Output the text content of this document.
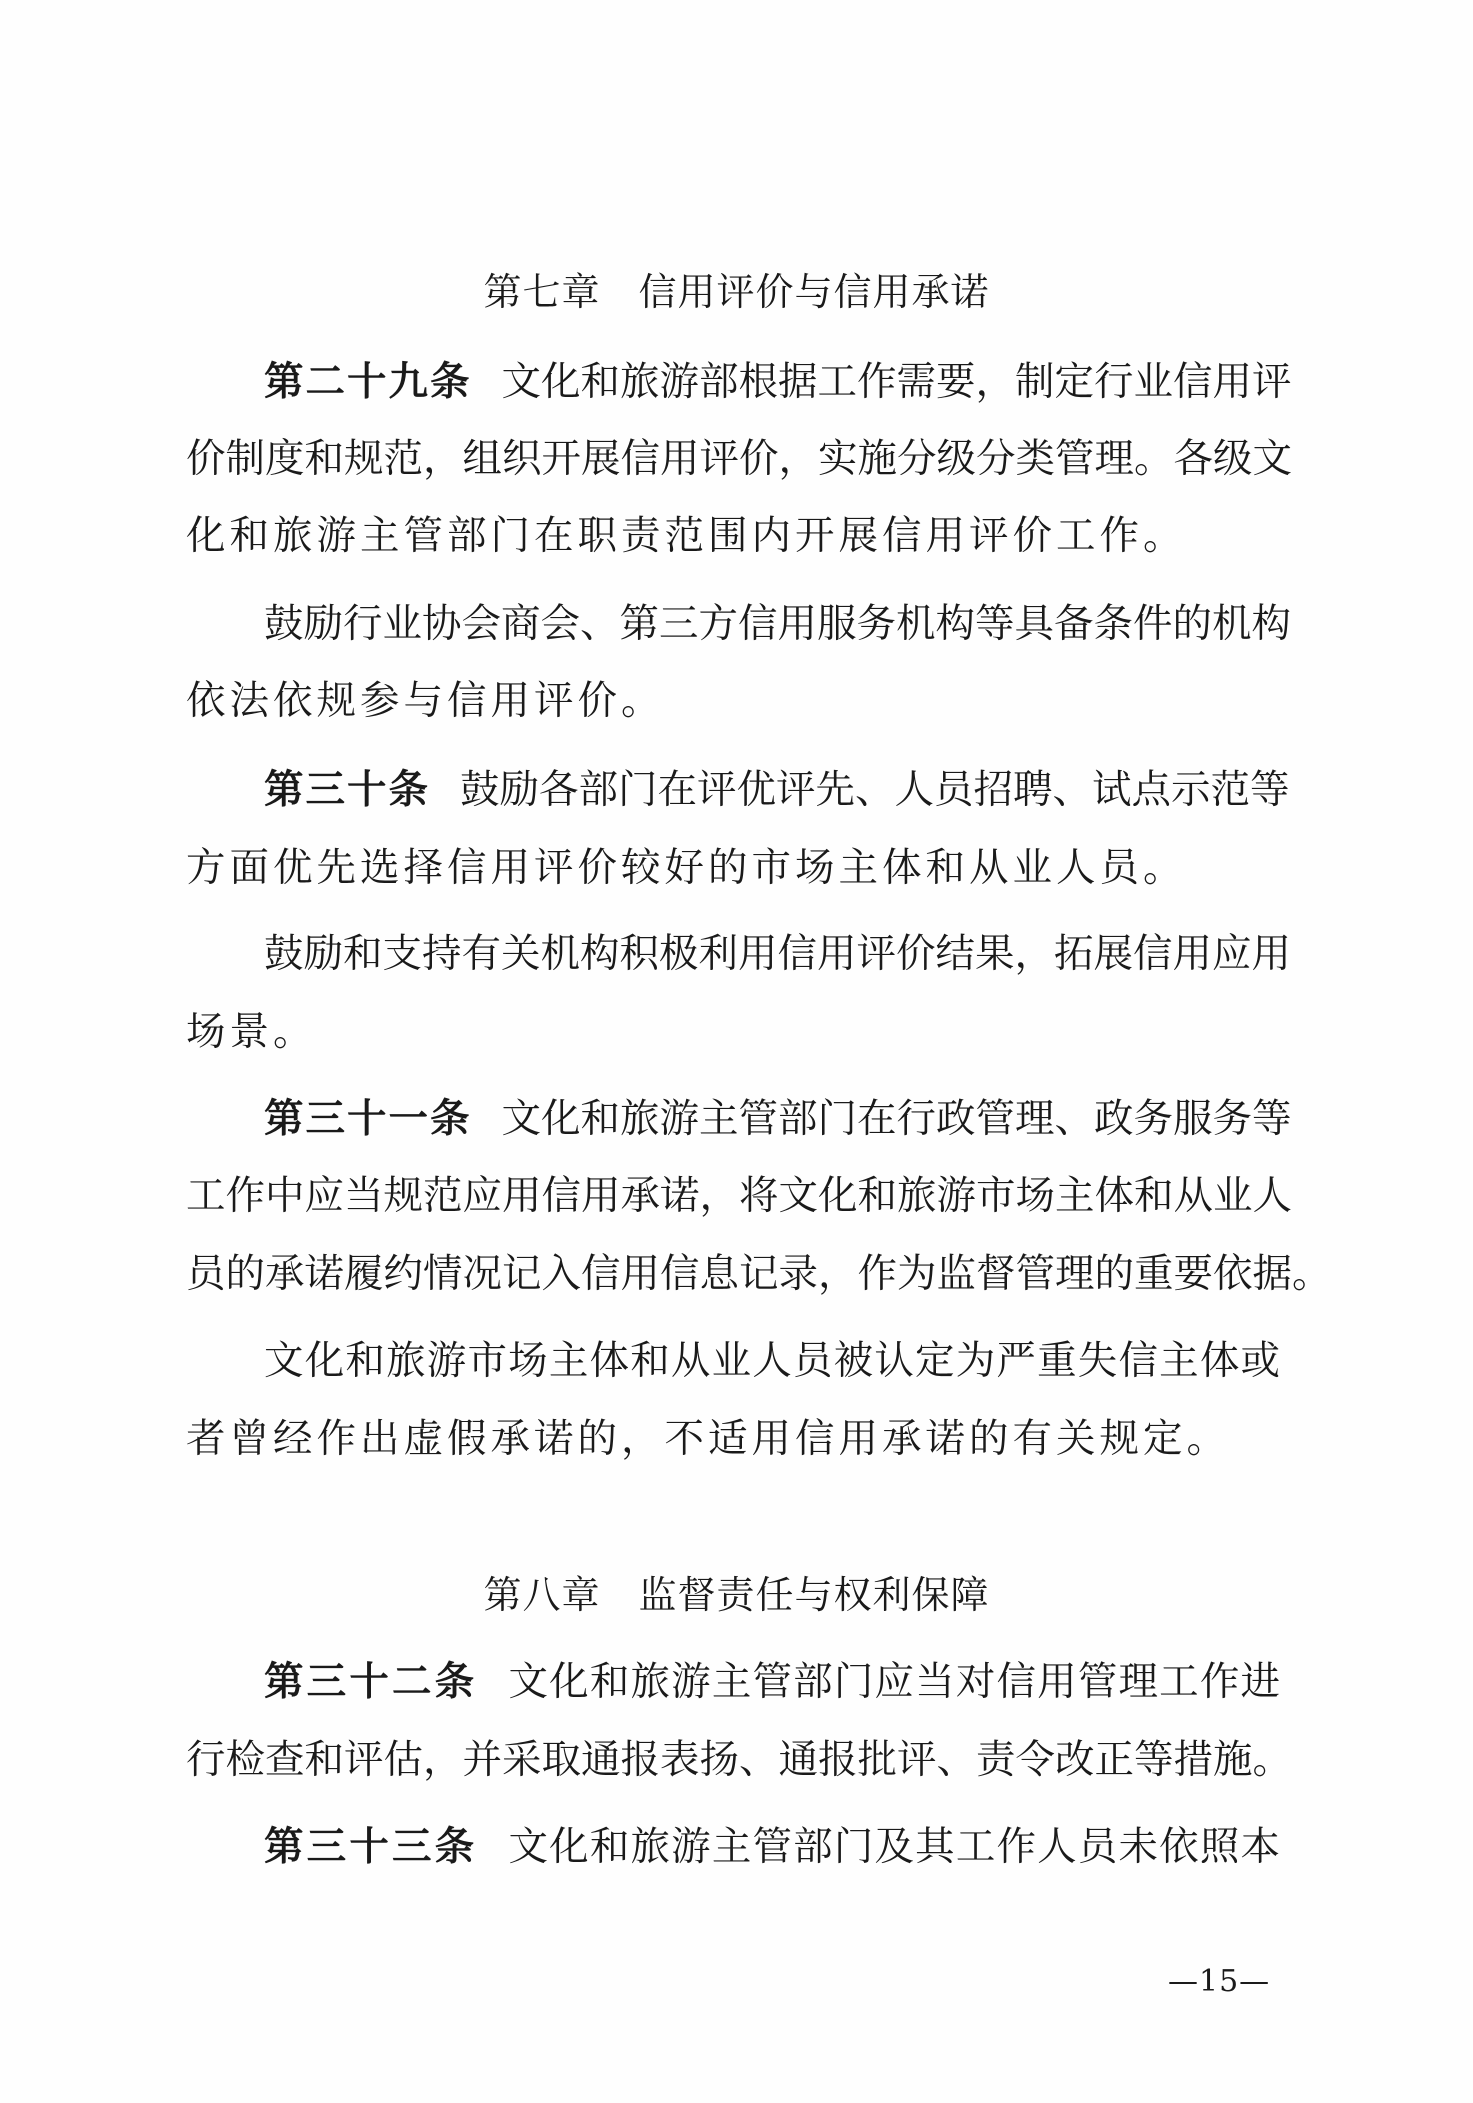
第七章 信用评价与信用承诺
第二十九条 文化和旅游部根据工作需要，制定行业信用评
价制度和规范，组织开展信用评价，实施分级分类管理。各级文
化和旅游主管部门在职责范围内开展信用评价工作。
鼓励行业协会商会、第三方信用服务机构等具备条件的机构
依法依规参与信用评价。
第三十条 鼓励各部门在评优评先、人员招聘、试点示范等
方面优先选择信用评价较好的市场主体和从业人员。
鼓励和支持有关机构积极利用信用评价结果，拓展信用应用
场景。
第三十一条 文化和旅游主管部门在行政管理、政务服务等
工作中应当规范应用信用承诺，将文化和旅游市场主体和从业人
员的承诺履约情况记入信用信息记录，作为监督管理的重要依据。
文化和旅游市场主体和从业人员被认定为严重失信主体或
者曾经作出虚假承诺的，不适用信用承诺的有关规定。
第八章 监督责任与权利保障
第三十二条 文化和旅游主管部门应当对信用管理工作进
行检查和评估，并采取通报表扬、通报批评、责令改正等措施。
第三十三条 文化和旅游主管部门及其工作人员未依照本
—15—
